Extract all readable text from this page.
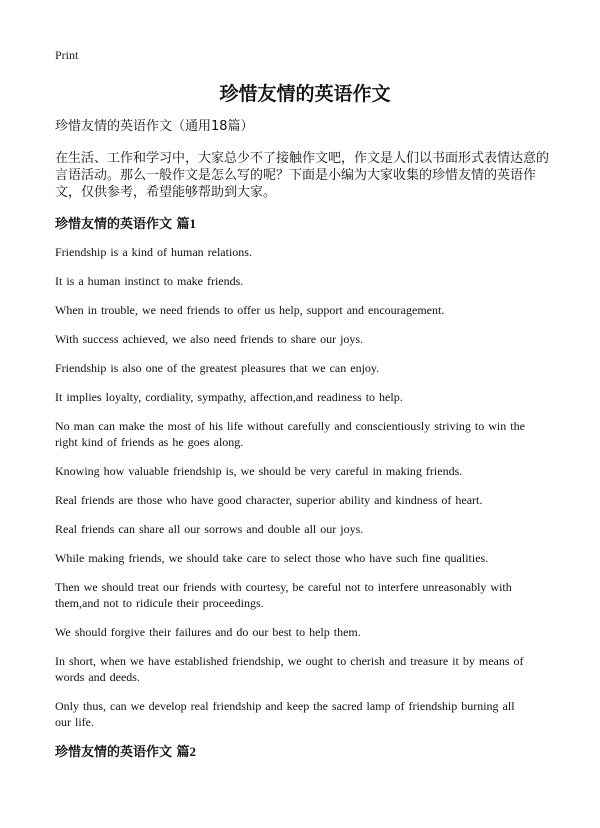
Print
珍惜友情的英语作文

珍惜友情的英语作文（通用18篇）

在生活、工作和学习中，大家总少不了接触作文吧，作文是人们以书面形式表情达意的言语活动。那么一般作文是怎么写的呢？下面是小编为大家收集的珍惜友情的英语作文，仅供参考，希望能够帮助到大家。

珍惜友情的英语作文 篇1

Friendship is a kind of human relations.

It is a human instinct to make friends.

When in trouble, we need friends to offer us help, support and encouragement.

With success achieved, we also need friends to share our joys.

Friendship is also one of the greatest pleasures that we can enjoy.

It implies loyalty, cordiality, sympathy, affection,and readiness to help.

No man can make the most of his life without carefully and conscientiously striving to win the right kind of friends as he goes along.

Knowing how valuable friendship is, we should be very careful in making friends.

Real friends are those who have good character, superior ability and kindness of heart.

Real friends can share all our sorrows and double all our joys.

While making friends, we should take care to select those who have such fine qualities.

Then we should treat our friends with courtesy, be careful not to interfere unreasonably with them,and not to ridicule their proceedings.

We should forgive their failures and do our best to help them.

In short, when we have established friendship, we ought to cherish and treasure it by means of words and deeds.

Only thus, can we develop real friendship and keep the sacred lamp of friendship burning all our life.

珍惜友情的英语作文 篇2
